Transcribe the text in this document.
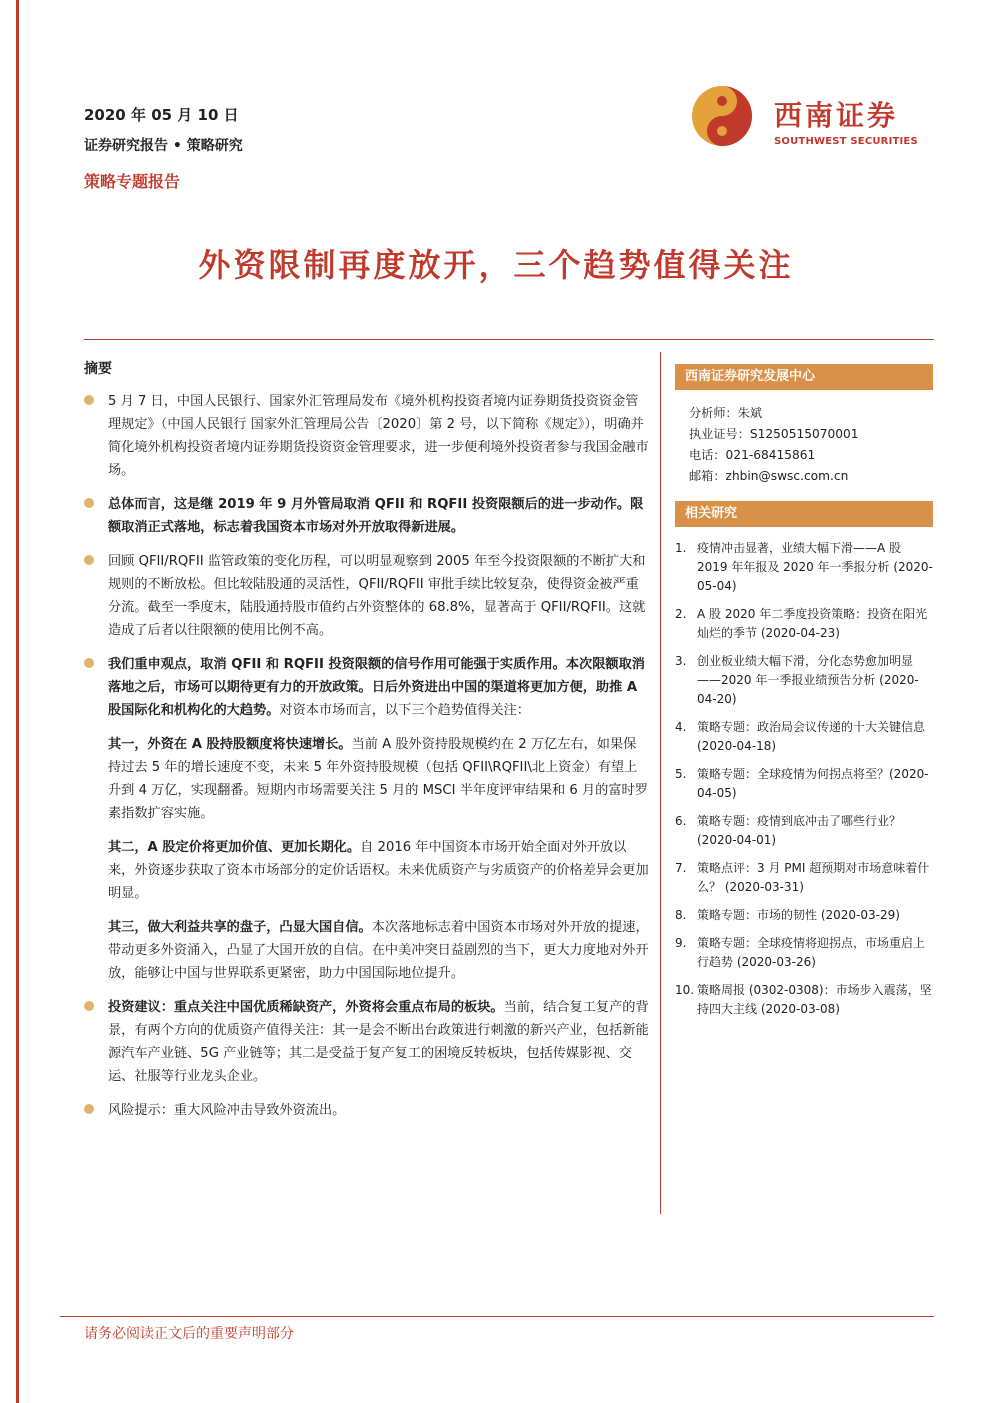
2020 年 05 月 10 日
证券研究报告 • 策略研究
策略专题报告
西南证券
SOUTHWEST SECURITIES
外资限制再度放开，三个趋势值得关注
摘要
5 月 7 日，中国人民银行、国家外汇管理局发布《境外机构投资者境内证券期货投资资金管理规定》（中国人民银行 国家外汇管理局公告〔2020〕第 2 号，以下简称《规定》），明确并简化境外机构投资者境内证券期货投资资金管理要求，进一步便利境外投资者参与我国金融市场。
总体而言，这是继 2019 年 9 月外管局取消 QFII 和 RQFII 投资限额后的进一步动作。限额取消正式落地，标志着我国资本市场对外开放取得新进展。
回顾 QFII/RQFII 监管政策的变化历程，可以明显观察到 2005 年至今投资限额的不断扩大和规则的不断放松。但比较陆股通的灵活性，QFII/RQFII 审批手续比较复杂，使得资金被严重分流。截至一季度末，陆股通持股市值约占外资整体的 68.8%，显著高于 QFII/RQFII。这就造成了后者以往限额的使用比例不高。
我们重申观点，取消 QFII 和 RQFII 投资限额的信号作用可能强于实质作用。本次限额取消落地之后，市场可以期待更有力的开放政策。日后外资进出中国的渠道将更加方便，助推 A 股国际化和机构化的大趋势。对资本市场而言，以下三个趋势值得关注：
其一，外资在 A 股持股额度将快速增长。当前 A 股外资持股规模约在 2 万亿左右，如果保持过去 5 年的增长速度不变，未来 5 年外资持股规模（包括 QFII\RQFII\北上资金）有望上升到 4 万亿，实现翻番。短期内市场需要关注 5 月的 MSCI 半年度评审结果和 6 月的富时罗素指数扩容实施。
其二，A 股定价将更加价值、更加长期化。自 2016 年中国资本市场开始全面对外开放以来，外资逐步获取了资本市场部分的定价话语权。未来优质资产与劣质资产的价格差异会更加明显。
其三，做大利益共享的盘子，凸显大国自信。本次落地标志着中国资本市场对外开放的提速，带动更多外资涌入，凸显了大国开放的自信。在中美冲突日益剧烈的当下，更大力度地对外开放，能够让中国与世界联系更紧密，助力中国国际地位提升。
投资建议：重点关注中国优质稀缺资产，外资将会重点布局的板块。当前，结合复工复产的背景，有两个方向的优质资产值得关注：其一是会不断出台政策进行刺激的新兴产业，包括新能源汽车产业链、5G 产业链等；其二是受益于复产复工的困境反转板块，包括传媒影视、交运、社服等行业龙头企业。
风险提示：重大风险冲击导致外资流出。
西南证券研究发展中心
分析师：朱斌
执业证号：S1250515070001
电话：021-68415861
邮箱：zhbin@swsc.com.cn
相关研究
1. 疫情冲击显著，业绩大幅下滑——A 股 2019 年年报及 2020 年一季报分析 (2020-05-04)
2. A 股 2020 年二季度投资策略：投资在阳光灿烂的季节 (2020-04-23)
3. 创业板业绩大幅下滑，分化态势愈加明显——2020 年一季报业绩预告分析 (2020-04-20)
4. 策略专题：政治局会议传递的十大关键信息 (2020-04-18)
5. 策略专题：全球疫情为何拐点将至？(2020-04-05)
6. 策略专题：疫情到底冲击了哪些行业？(2020-04-01)
7. 策略点评：3 月 PMI 超预期对市场意味着什么？ (2020-03-31)
8. 策略专题：市场的韧性 (2020-03-29)
9. 策略专题：全球疫情将迎拐点，市场重启上行趋势 (2020-03-26)
10. 策略周报 (0302-0308)：市场步入震荡，坚持四大主线 (2020-03-08)
请务必阅读正文后的重要声明部分
